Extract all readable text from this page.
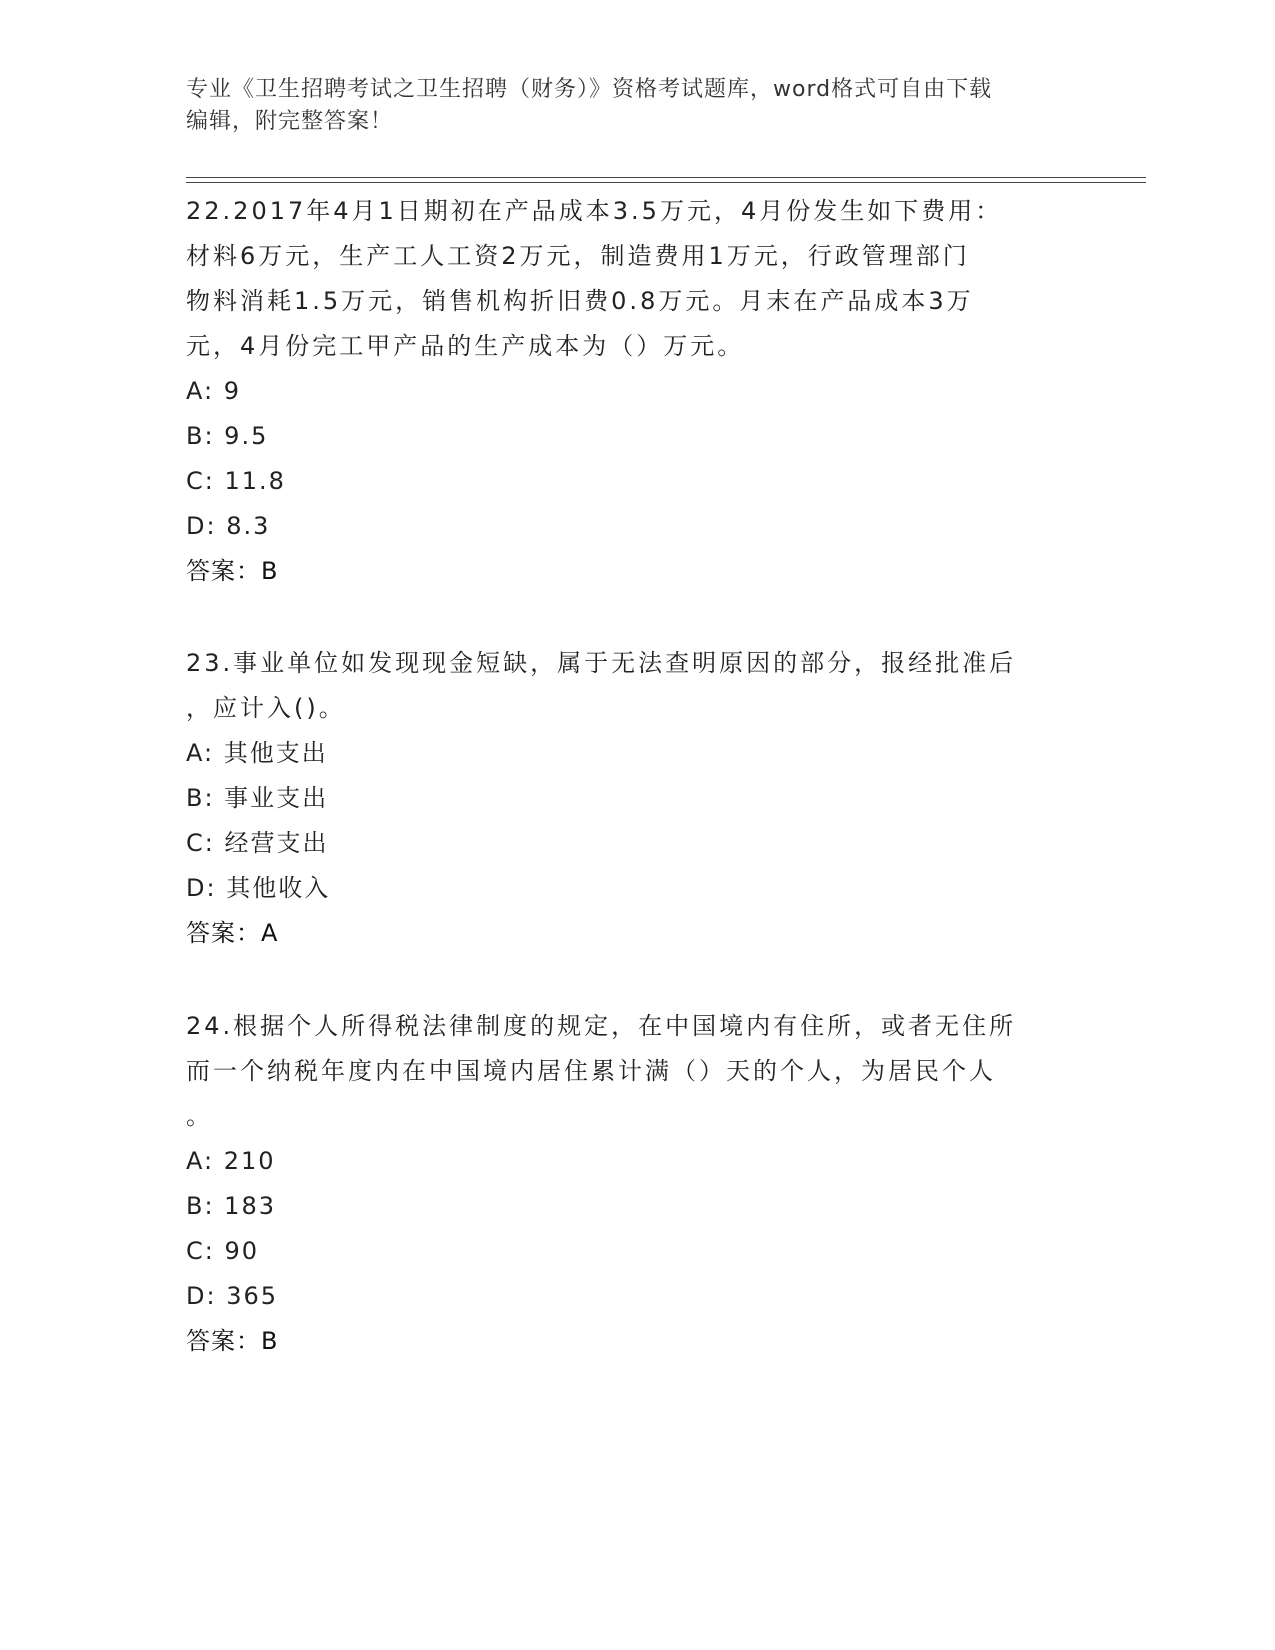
专业《卫生招聘考试之卫生招聘（财务）》资格考试题库，word格式可自由下载
编辑，附完整答案！
22.2017年4月1日期初在产品成本3.5万元，4月份发生如下费用：
材料6万元，生产工人工资2万元，制造费用1万元，行政管理部门
物料消耗1.5万元，销售机构折旧费0.8万元。月末在产品成本3万
元，4月份完工甲产品的生产成本为（）万元。
A: 9
B: 9.5
C: 11.8
D: 8.3
答案：B
23.事业单位如发现现金短缺，属于无法查明原因的部分，报经批准后
，应计入()。
A: 其他支出
B: 事业支出
C: 经营支出
D: 其他收入
答案：A
24.根据个人所得税法律制度的规定，在中国境内有住所，或者无住所
而一个纳税年度内在中国境内居住累计满（）天的个人，为居民个人
。
A: 210
B: 183
C: 90
D: 365
答案：B
